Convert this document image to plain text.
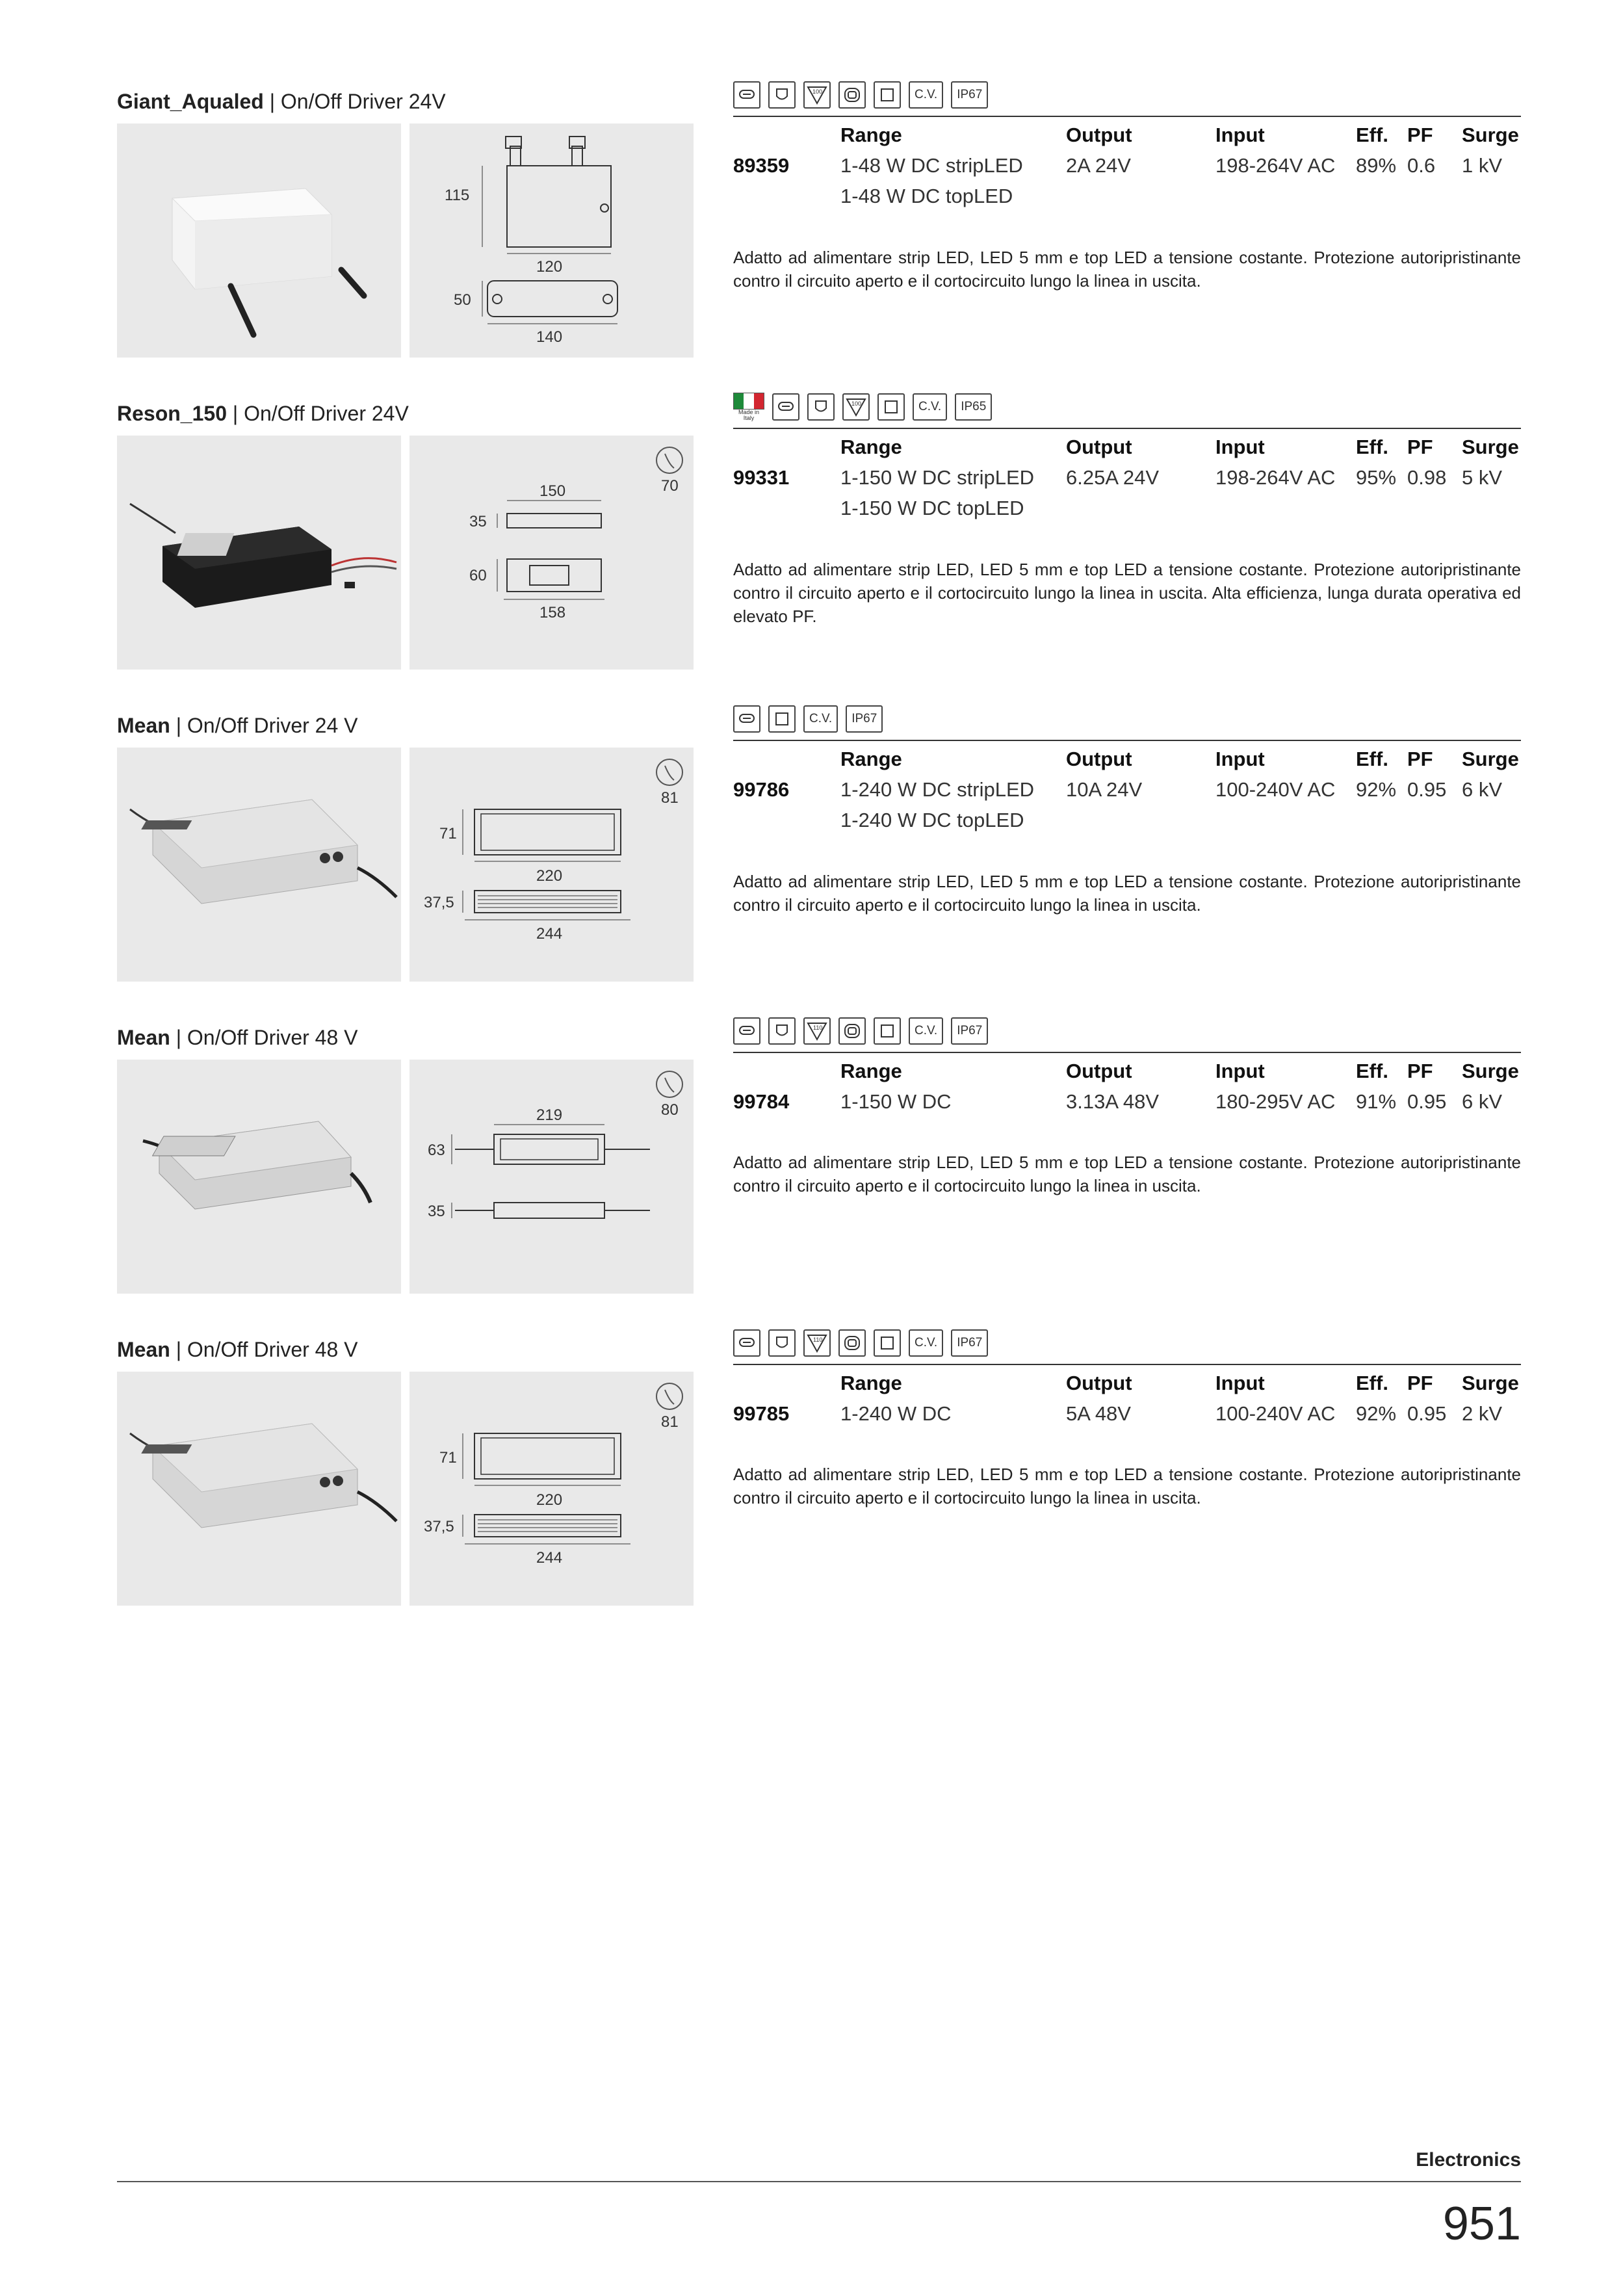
Giant_Aqualed | On/Off Driver 24V
115
120
50
140
100	C.V.	IP67
Range	Output	Input	Eff. PF Surge
89359	1-48 W DC stripLED 2A 24V	198-264V AC 89% 0.6 1 kV
1-48 W DC topLED
Adatto ad alimentare strip LED, LED 5 mm e top LED a tensione costante. Protezione autoripristinante contro il circuito aperto e il cortocircuito lungo la linea in uscita.
Reson_150 | On/Off Driver 24V
150
35
60
158
70
Made in Italy
100	C.V.	IP65
Range	Output	Input	Eff. PF Surge
99331	1-150 W DC stripLED 6.25A 24V	198-264V AC 95% 0.98 5 kV
1-150 W DC topLED
Adatto ad alimentare strip LED, LED 5 mm e top LED a tensione costante. Protezione autoripristinante contro il circuito aperto e il cortocircuito lungo la linea in uscita. Alta efficienza, lunga durata operativa ed elevato PF.
Mean | On/Off Driver 24 V
71
220
37,5
244
81
C.V.	IP67
Range	Output	Input	Eff. PF Surge
99786	1-240 W DC stripLED 10A 24V	100-240V AC 92% 0.95 6 kV
1-240 W DC topLED
Adatto ad alimentare strip LED, LED 5 mm e top LED a tensione costante. Protezione autoripristinante contro il circuito aperto e il cortocircuito lungo la linea in uscita.
Mean | On/Off Driver 48 V
219
63
35
80
110	C.V.	IP67
Range	Output	Input	Eff. PF Surge
99784	1-150 W DC	3.13A 48V	180-295V AC 91% 0.95 6 kV
Adatto ad alimentare strip LED, LED 5 mm e top LED a tensione costante. Protezione autoripristinante contro il circuito aperto e il cortocircuito lungo la linea in uscita.
Mean | On/Off Driver 48 V
71
220
37,5
244
81
110	C.V.	IP67
Range	Output	Input	Eff. PF Surge
99785	1-240 W DC	5A 48V	100-240V AC 92% 0.95 2 kV
Adatto ad alimentare strip LED, LED 5 mm e top LED a tensione costante. Protezione autoripristinante contro il circuito aperto e il cortocircuito lungo la linea in uscita.
Electronics
951
